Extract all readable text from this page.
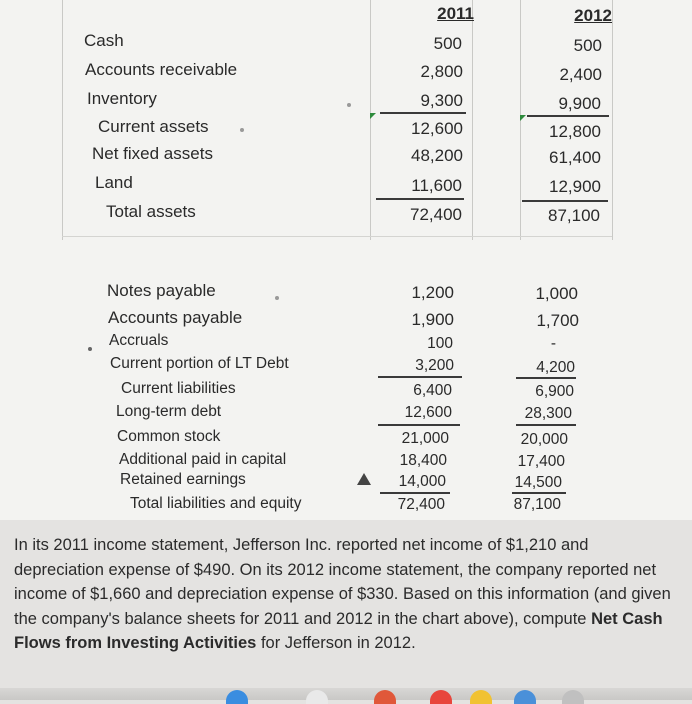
2011	2012
Cash	500	500
Accounts receivable	2,800	2,400
Inventory	9,300	9,900
Current assets	12,600	12,800
Net fixed assets	48,200	61,400
Land	11,600	12,900
Total assets	72,400	87,100
Notes payable	1,200	1,000
Accounts payable	1,900	1,700
Accruals	100	-
Current portion of LT Debt	3,200	4,200
Current liabilities	6,400	6,900
Long-term debt	12,600	28,300
Common stock	21,000	20,000
Additional paid in capital	18,400	17,400
Retained earnings	14,000	14,500
Total liabilities and equity	72,400	87,100
In its 2011 income statement, Jefferson Inc. reported net income of $1,210 and depreciation expense of $490. On its 2012 income statement, the company reported net income of $1,660 and depreciation expense of $330. Based on this information (and given the company's balance sheets for 2011 and 2012 in the chart above), compute Net Cash Flows from Investing Activities for Jefferson in 2012.
